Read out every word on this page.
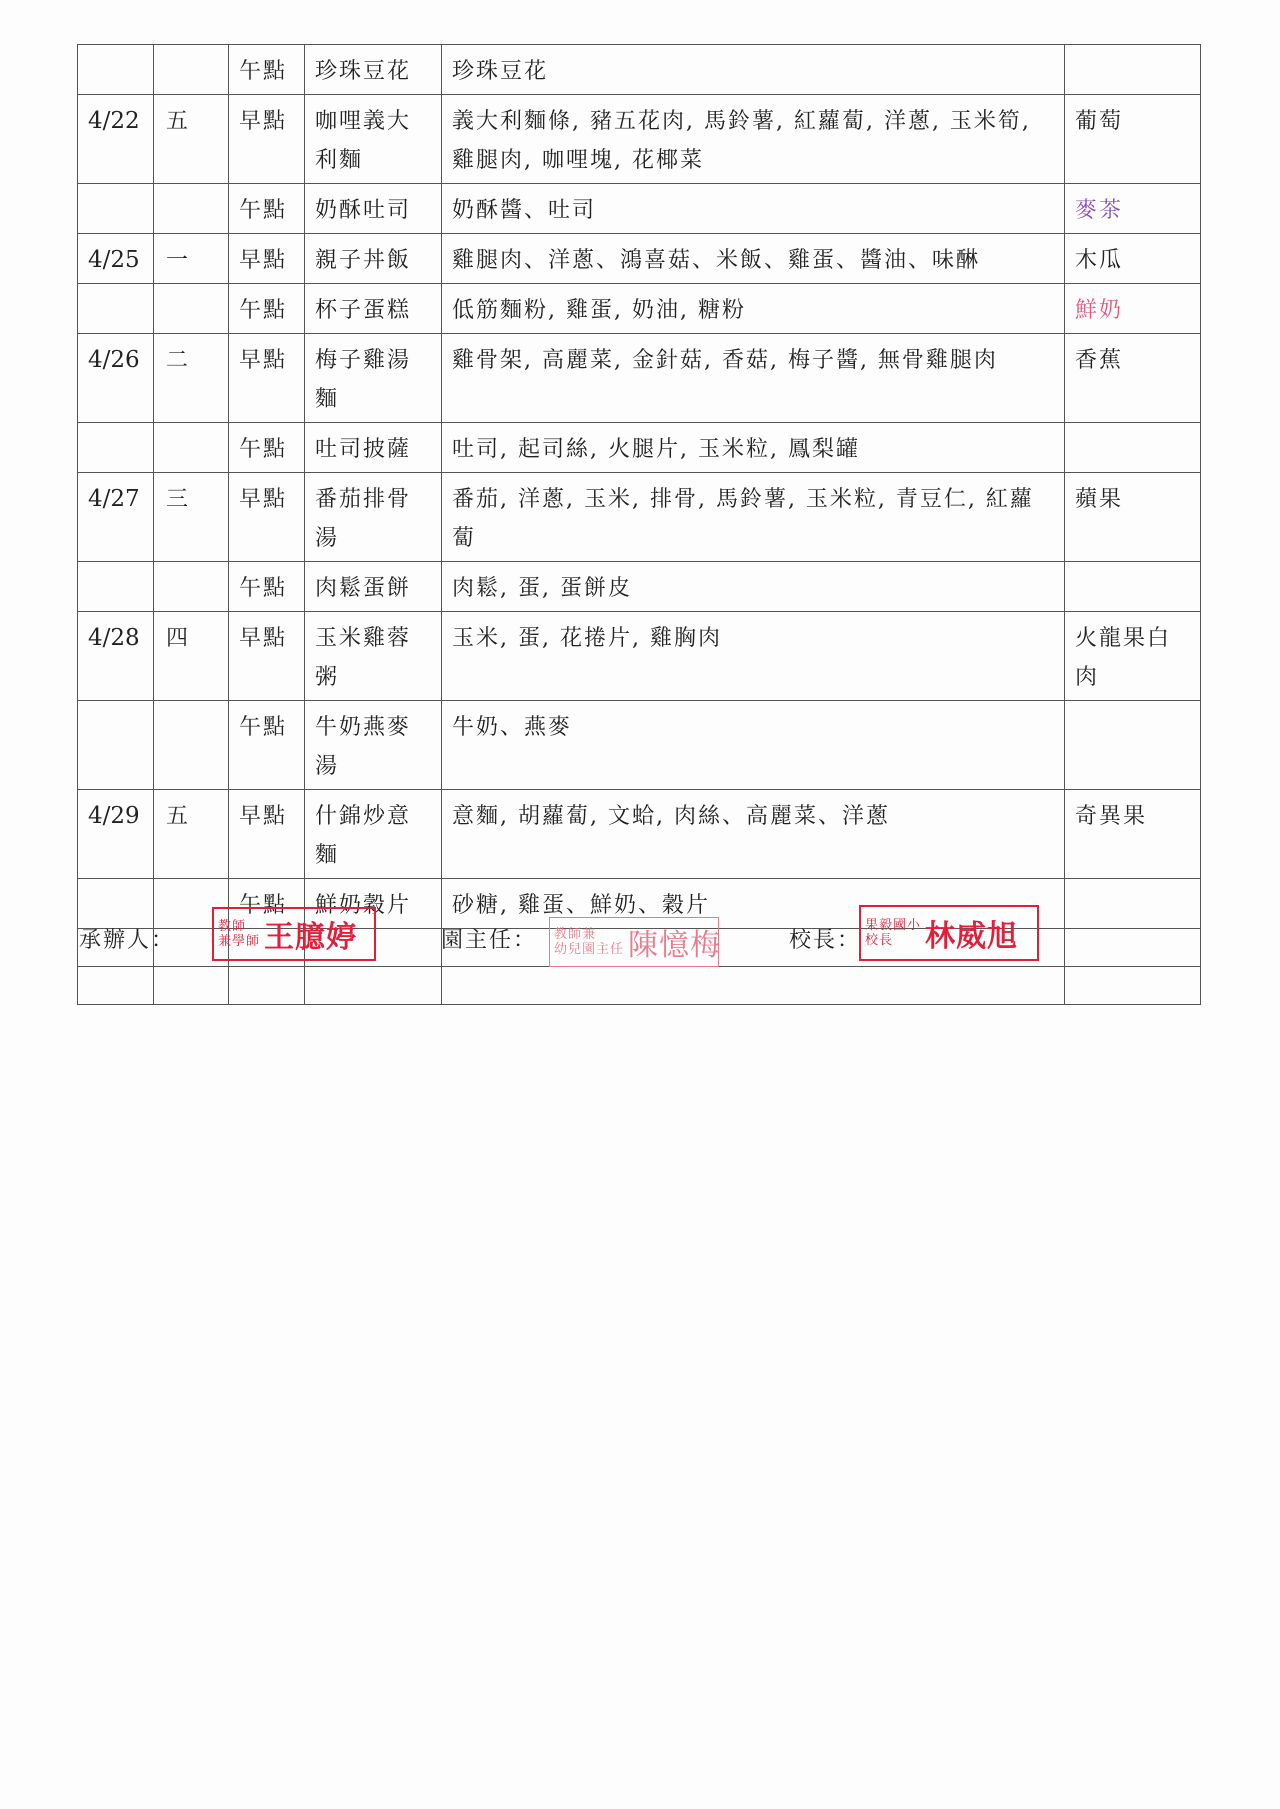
		午點	珍珠豆花	珍珠豆花	
4/22	五	早點	咖哩義大利麵	義大利麵條, 豬五花肉, 馬鈴薯, 紅蘿蔔, 洋蔥, 玉米筍, 雞腿肉, 咖哩塊, 花椰菜	葡萄
		午點	奶酥吐司	奶酥醬、吐司	麥茶
4/25	一	早點	親子丼飯	雞腿肉、洋蔥、鴻喜菇、米飯、雞蛋、醬油、味醂	木瓜
		午點	杯子蛋糕	低筋麵粉, 雞蛋, 奶油, 糖粉	鮮奶
4/26	二	早點	梅子雞湯麵	雞骨架, 高麗菜, 金針菇, 香菇, 梅子醬, 無骨雞腿肉	香蕉
		午點	吐司披薩	吐司, 起司絲, 火腿片, 玉米粒, 鳳梨罐	
4/27	三	早點	番茄排骨湯	番茄, 洋蔥, 玉米, 排骨, 馬鈴薯, 玉米粒, 青豆仁, 紅蘿蔔	蘋果
		午點	肉鬆蛋餅	肉鬆, 蛋, 蛋餅皮	
4/28	四	早點	玉米雞蓉粥	玉米, 蛋, 花捲片, 雞胸肉	火龍果白肉
		午點	牛奶燕麥湯	牛奶、燕麥	
4/29	五	早點	什錦炒意麵	意麵, 胡蘿蔔, 文蛤, 肉絲、高麗菜、洋蔥	奇異果
		午點	鮮奶穀片	砂糖, 雞蛋、鮮奶、穀片	

承辦人：
教師
兼學師 王臆婷	園主任： 教師兼
幼兒園主任 陳憶梅	校長：
果毅國小
校長	林威旭
